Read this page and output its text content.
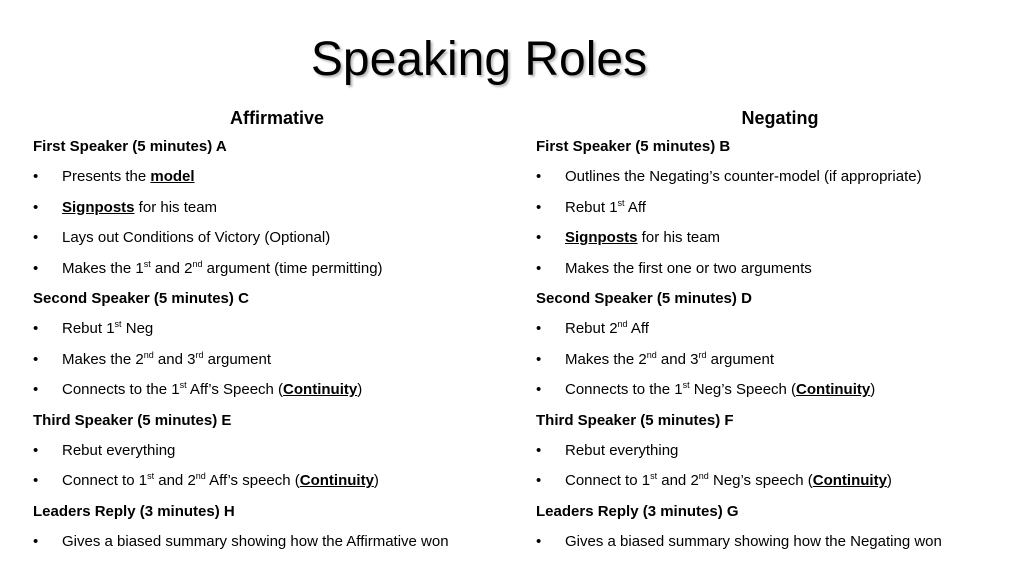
Speaking Roles
Affirmative
First Speaker (5 minutes) A
• Presents the model
• Signposts for his team
• Lays out Conditions of Victory (Optional)
• Makes the 1st and 2nd argument (time permitting)
Second Speaker (5 minutes) C
• Rebut 1st Neg
• Makes the 2nd and 3rd argument
• Connects to the 1st Aff’s Speech (Continuity)
Third Speaker (5 minutes) E
• Rebut everything
• Connect to 1st and 2nd Aff’s speech (Continuity)
Leaders Reply (3 minutes) H
• Gives a biased summary showing how the Affirmative won
Negating
First Speaker (5 minutes) B
• Outlines the Negating’s counter-model (if appropriate)
• Rebut 1st Aff
• Signposts for his team
• Makes the first one or two arguments
Second Speaker (5 minutes) D
• Rebut 2nd Aff
• Makes the 2nd and 3rd argument
• Connects to the 1st Neg’s Speech (Continuity)
Third Speaker (5 minutes) F
• Rebut everything
• Connect to 1st and 2nd Neg’s speech (Continuity)
Leaders Reply (3 minutes) G
• Gives a biased summary showing how the Negating won
